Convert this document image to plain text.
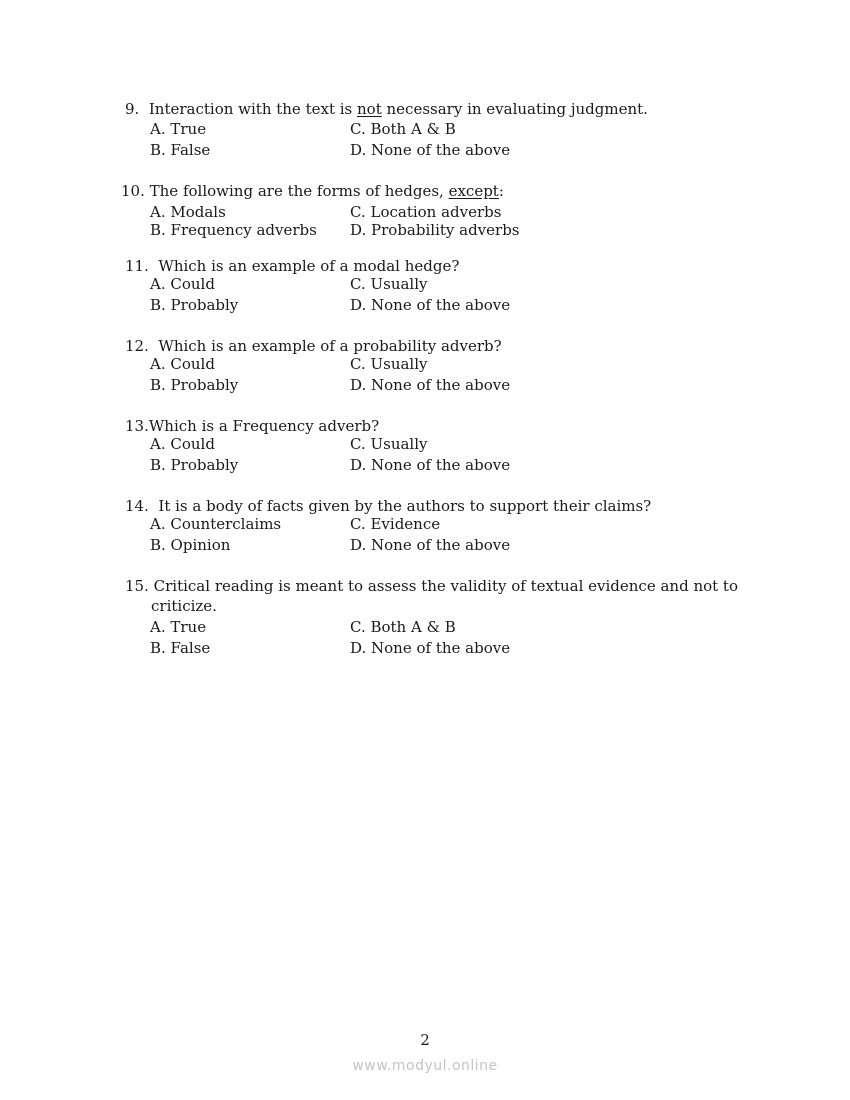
9. Interaction with the text is not necessary in evaluating judgment.
A. True
B. False
C. Both A & B
D. None of the above
10. The following are the forms of hedges, except:
A. Modals
B. Frequency adverbs
C. Location adverbs
D. Probability adverbs
11. Which is an example of a modal hedge?
A. Could
B. Probably
C. Usually
D. None of the above
12. Which is an example of a probability adverb?
A. Could
B. Probably
C. Usually
D. None of the above
13.Which is a Frequency adverb?
A. Could
B. Probably
C. Usually
D. None of the above
14. It is a body of facts given by the authors to support their claims?
A. Counterclaims
B. Opinion
C. Evidence
D. None of the above
15. Critical reading is meant to assess the validity of textual evidence and not to
criticize.
A. True
B. False
C. Both A & B
D. None of the above
2
www.modyul.online
